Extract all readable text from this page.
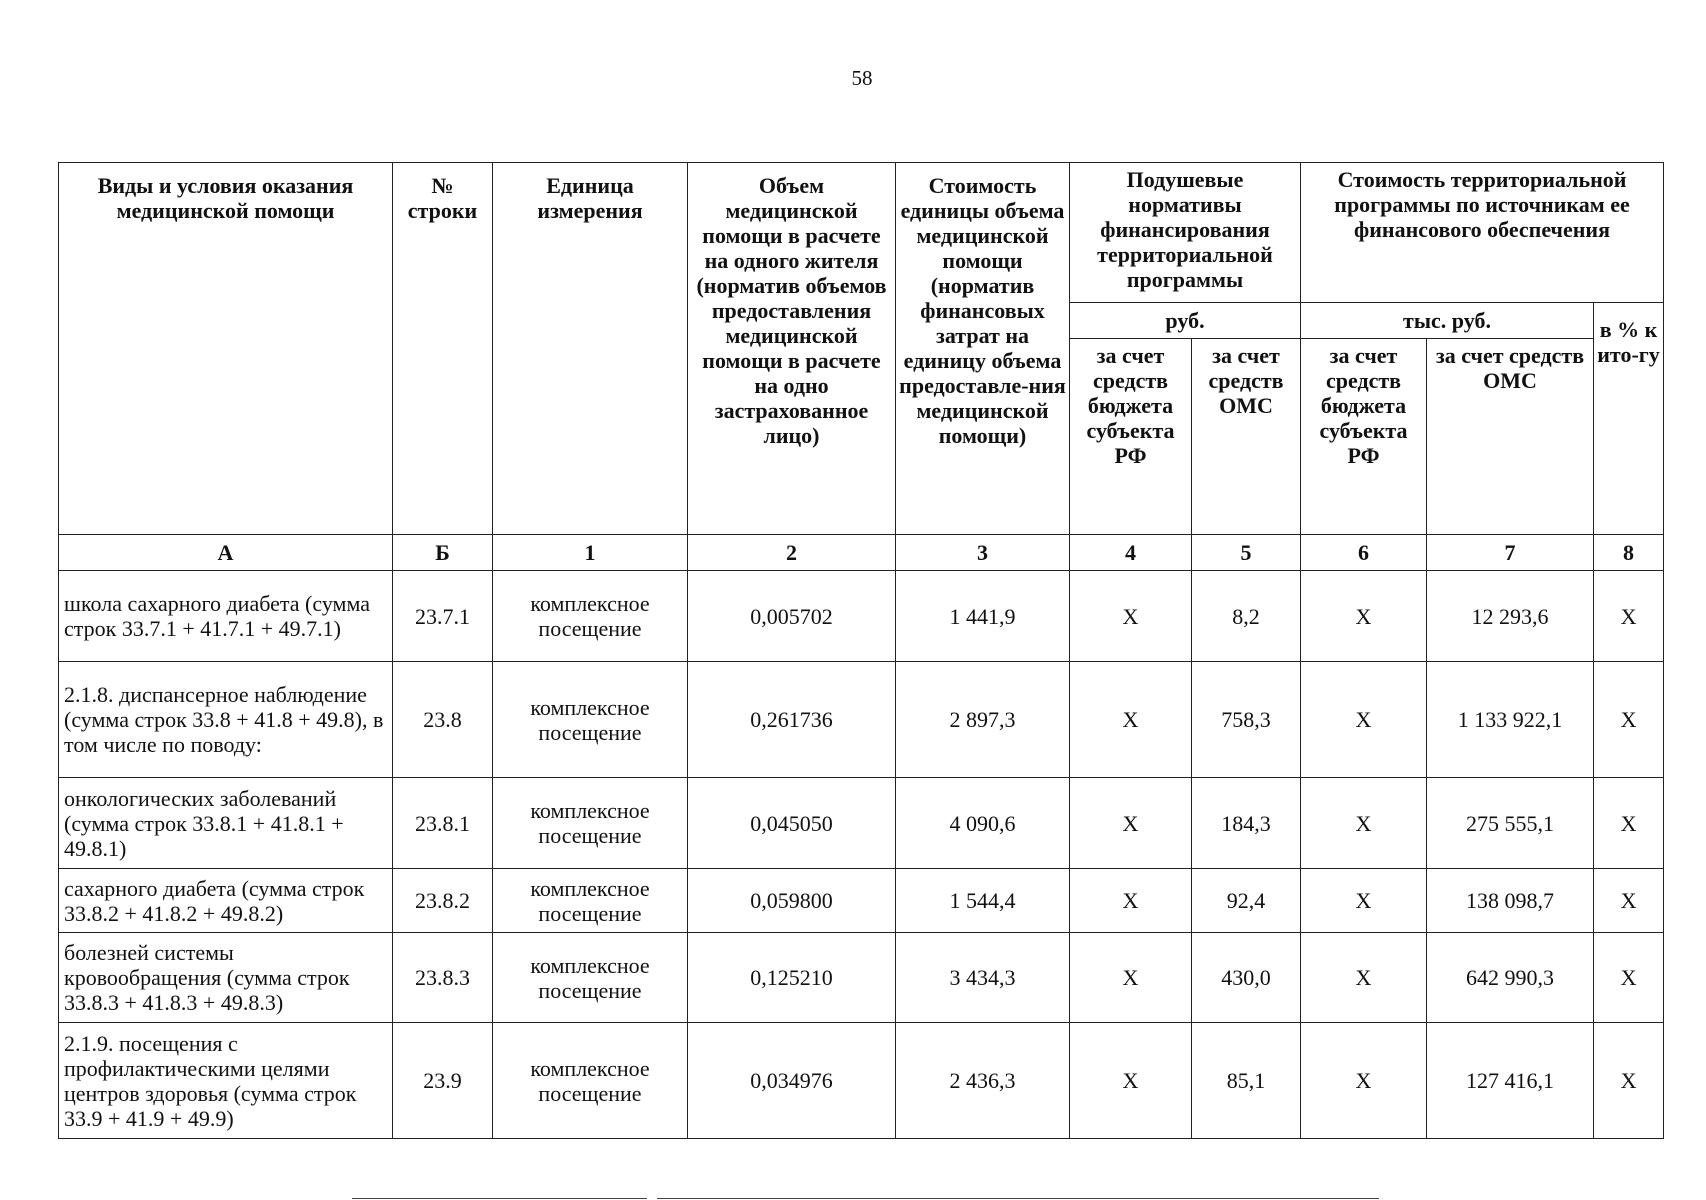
58
Виды и условия оказания медицинской помощи	№ строки	Единица измерения	Объем медицинской помощи в расчете на одного жителя (норматив объемов предоставления медицинской помощи в расчете на одно застрахованное лицо)	Стоимость единицы объема медицинской помощи (норматив финансовых затрат на единицу объема предоставле-ния медицинской помощи)	Подушевые нормативы финансирования территориальной программы		Стоимость территориальной программы по источникам ее финансового обеспечения		
					руб.		тыс. руб.		в % к ито-гу
					за счет средств бюджета субъекта РФ	за счет средств ОМС	за счет средств бюджета субъекта РФ	за счет средств ОМС	
А	Б	1	2	3	4	5	6	7	8
школа сахарного диабета (сумма строк 33.7.1 + 41.7.1 + 49.7.1)	23.7.1	комплексное посещение	0,005702	1 441,9	Х	8,2	Х	12 293,6	Х
2.1.8. диспансерное наблюдение (сумма строк 33.8 + 41.8 + 49.8), в том числе по поводу:	23.8	комплексное посещение	0,261736	2 897,3	Х	758,3	Х	1 133 922,1	Х
онкологических заболеваний (сумма строк 33.8.1 + 41.8.1 + 49.8.1)	23.8.1	комплексное посещение	0,045050	4 090,6	Х	184,3	Х	275 555,1	Х
сахарного диабета (сумма строк 33.8.2 + 41.8.2 + 49.8.2)	23.8.2	комплексное посещение	0,059800	1 544,4	Х	92,4	Х	138 098,7	Х
болезней системы кровообращения (сумма строк 33.8.3 + 41.8.3 + 49.8.3)	23.8.3	комплексное посещение	0,125210	3 434,3	Х	430,0	Х	642 990,3	Х
2.1.9. посещения с профилактическими целями центров здоровья (сумма строк 33.9 + 41.9 + 49.9)	23.9	комплексное посещение	0,034976	2 436,3	Х	85,1	Х	127 416,1	Х
